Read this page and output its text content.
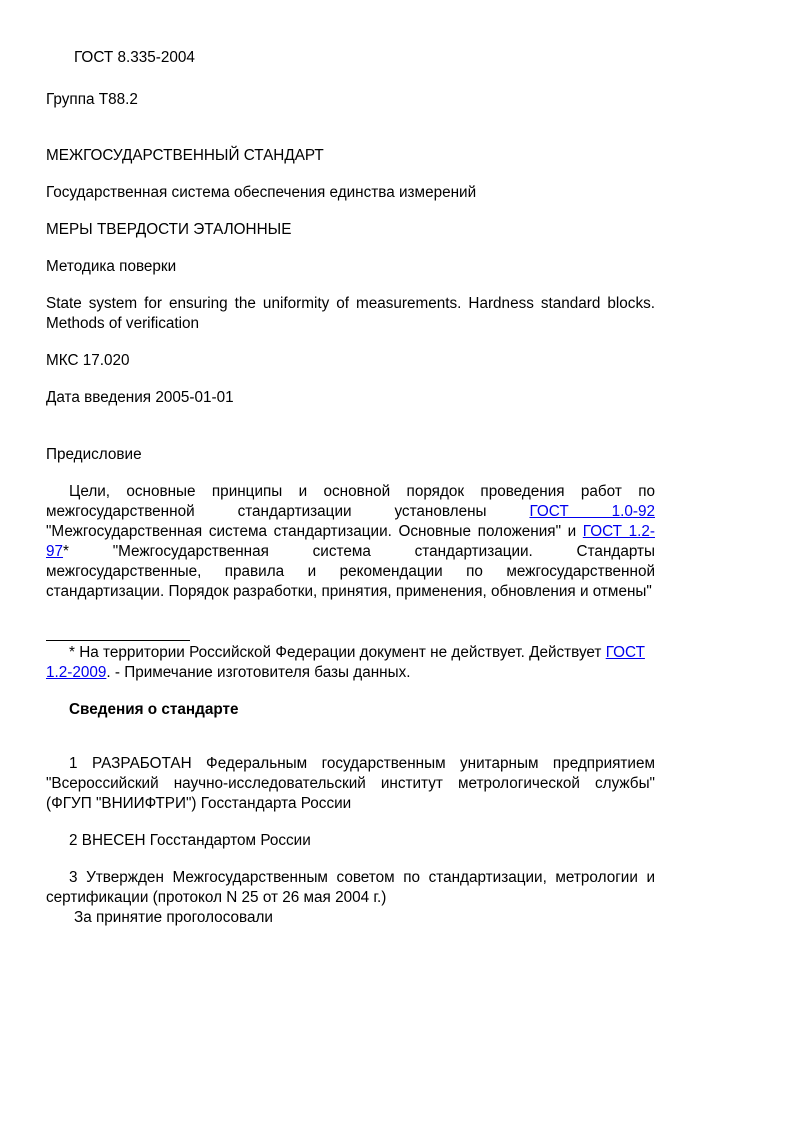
ГОСТ 8.335-2004

Группа Т88.2

МЕЖГОСУДАРСТВЕННЫЙ СТАНДАРТ

Государственная система обеспечения единства измерений

МЕРЫ ТВЕРДОСТИ ЭТАЛОННЫЕ

Методика поверки

State system for ensuring the uniformity of measurements. Hardness standard blocks. Methods of verification

МКС 17.020

Дата введения 2005-01-01

Предисловие

Цели, основные принципы и основной порядок проведения работ по межгосударственной стандартизации установлены ГОСТ 1.0-92 "Межгосударственная система стандартизации. Основные положения" и ГОСТ 1.2-97* "Межгосударственная система стандартизации. Стандарты межгосударственные, правила и рекомендации по межгосударственной стандартизации. Порядок разработки, принятия, применения, обновления и отмены"

* На территории Российской Федерации документ не действует. Действует ГОСТ 1.2-2009. - Примечание изготовителя базы данных.

Сведения о стандарте

1 РАЗРАБОТАН Федеральным государственным унитарным предприятием "Всероссийский научно-исследовательский институт метрологической службы" (ФГУП "ВНИИФТРИ") Госстандарта России

2 ВНЕСЕН Госстандартом России

3 Утвержден Межгосударственным советом по стандартизации, метрологии и сертификации (протокол N 25 от 26 мая 2004 г.)

За принятие проголосовали
